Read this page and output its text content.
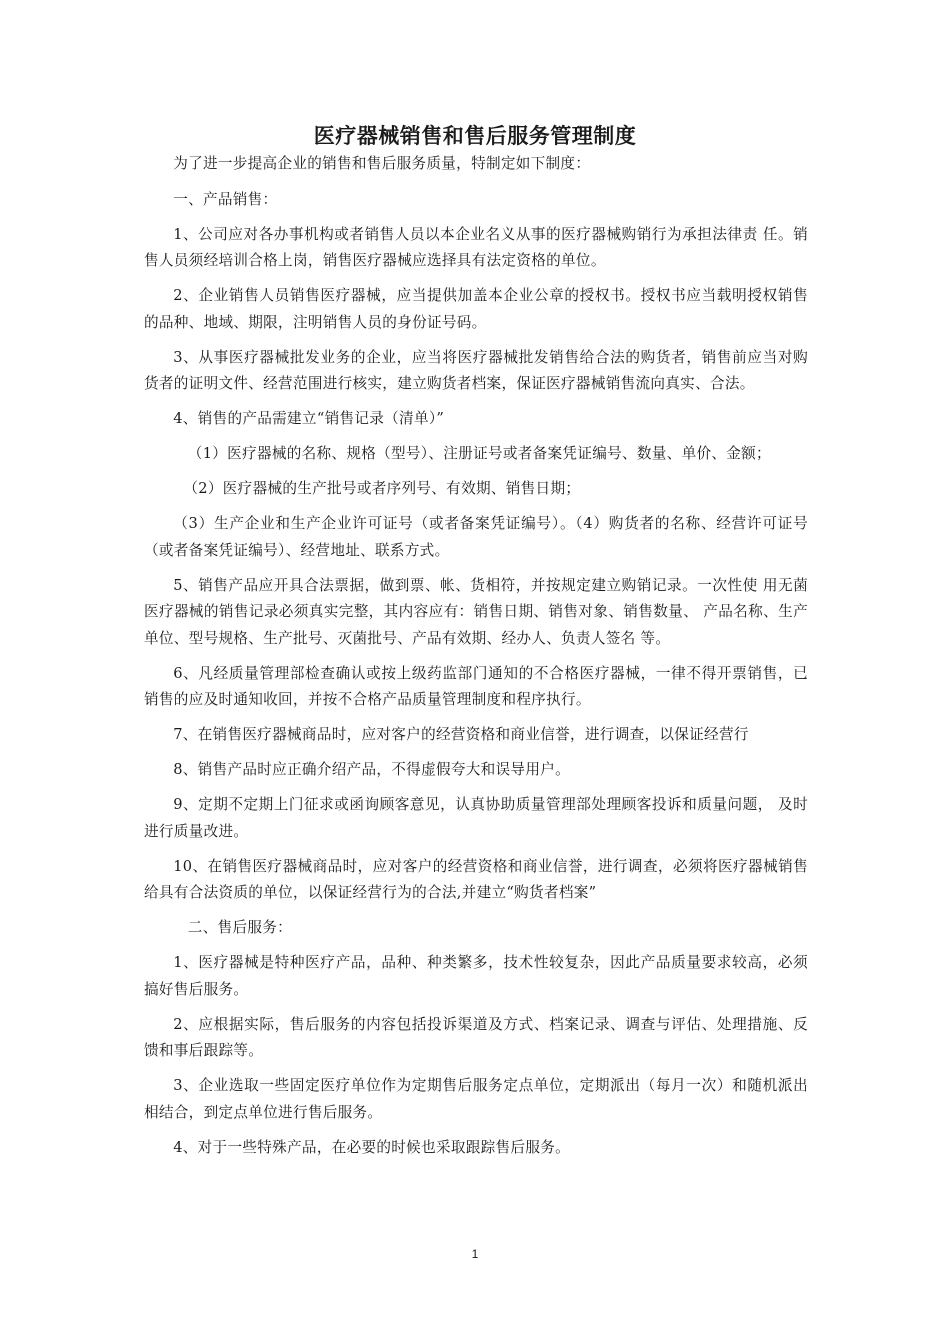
医疗器械销售和售后服务管理制度

为了进一步提高企业的销售和售后服务质量，特制定如下制度：

一、产品销售：

1、公司应对各办事机构或者销售人员以本企业名义从事的医疗器械购销行为承担法律责 任。销售人员须经培训合格上岗，销售医疗器械应选择具有法定资格的单位。

2、企业销售人员销售医疗器械，应当提供加盖本企业公章的授权书。授权书应当载明授权销售的品种、地域、期限，注明销售人员的身份证号码。

3、从事医疗器械批发业务的企业，应当将医疗器械批发销售给合法的购货者，销售前应当对购货者的证明文件、经营范围进行核实，建立购货者档案，保证医疗器械销售流向真实、合法。

4、销售的产品需建立“销售记录（清单）”

（1）医疗器械的名称、规格（型号）、注册证号或者备案凭证编号、数量、单价、金额；

（2）医疗器械的生产批号或者序列号、有效期、销售日期；

（3）生产企业和生产企业许可证号（或者备案凭证编号）。（4）购货者的名称、经营许可证号（或者备案凭证编号）、经营地址、联系方式。

5、销售产品应开具合法票据，做到票、帐、货相符，并按规定建立购销记录。一次性使 用无菌医疗器械的销售记录必须真实完整，其内容应有：销售日期、销售对象、销售数量、 产品名称、生产单位、型号规格、生产批号、灭菌批号、产品有效期、经办人、负责人签名 等。

6、凡经质量管理部检查确认或按上级药监部门通知的不合格医疗器械，一律不得开票销售，已销售的应及时通知收回，并按不合格产品质量管理制度和程序执行。

7、在销售医疗器械商品时，应对客户的经营资格和商业信誉，进行调查，以保证经营行

8、销售产品时应正确介绍产品，不得虚假夸大和误导用户。

9、定期不定期上门征求或函询顾客意见，认真协助质量管理部处理顾客投诉和质量问题， 及时进行质量改进。

10、在销售医疗器械商品时，应对客户的经营资格和商业信誉，进行调查，必须将医疗器械销售给具有合法资质的单位，以保证经营行为的合法,并建立“购货者档案”

二、售后服务：

1、医疗器械是特种医疗产品，品种、种类繁多，技术性较复杂，因此产品质量要求较高，必须搞好售后服务。

2、应根据实际，售后服务的内容包括投诉渠道及方式、档案记录、调查与评估、处理措施、反馈和事后跟踪等。

3、企业选取一些固定医疗单位作为定期售后服务定点单位，定期派出（每月一次）和随机派出相结合，到定点单位进行售后服务。

4、对于一些特殊产品，在必要的时候也采取跟踪售后服务。

1
